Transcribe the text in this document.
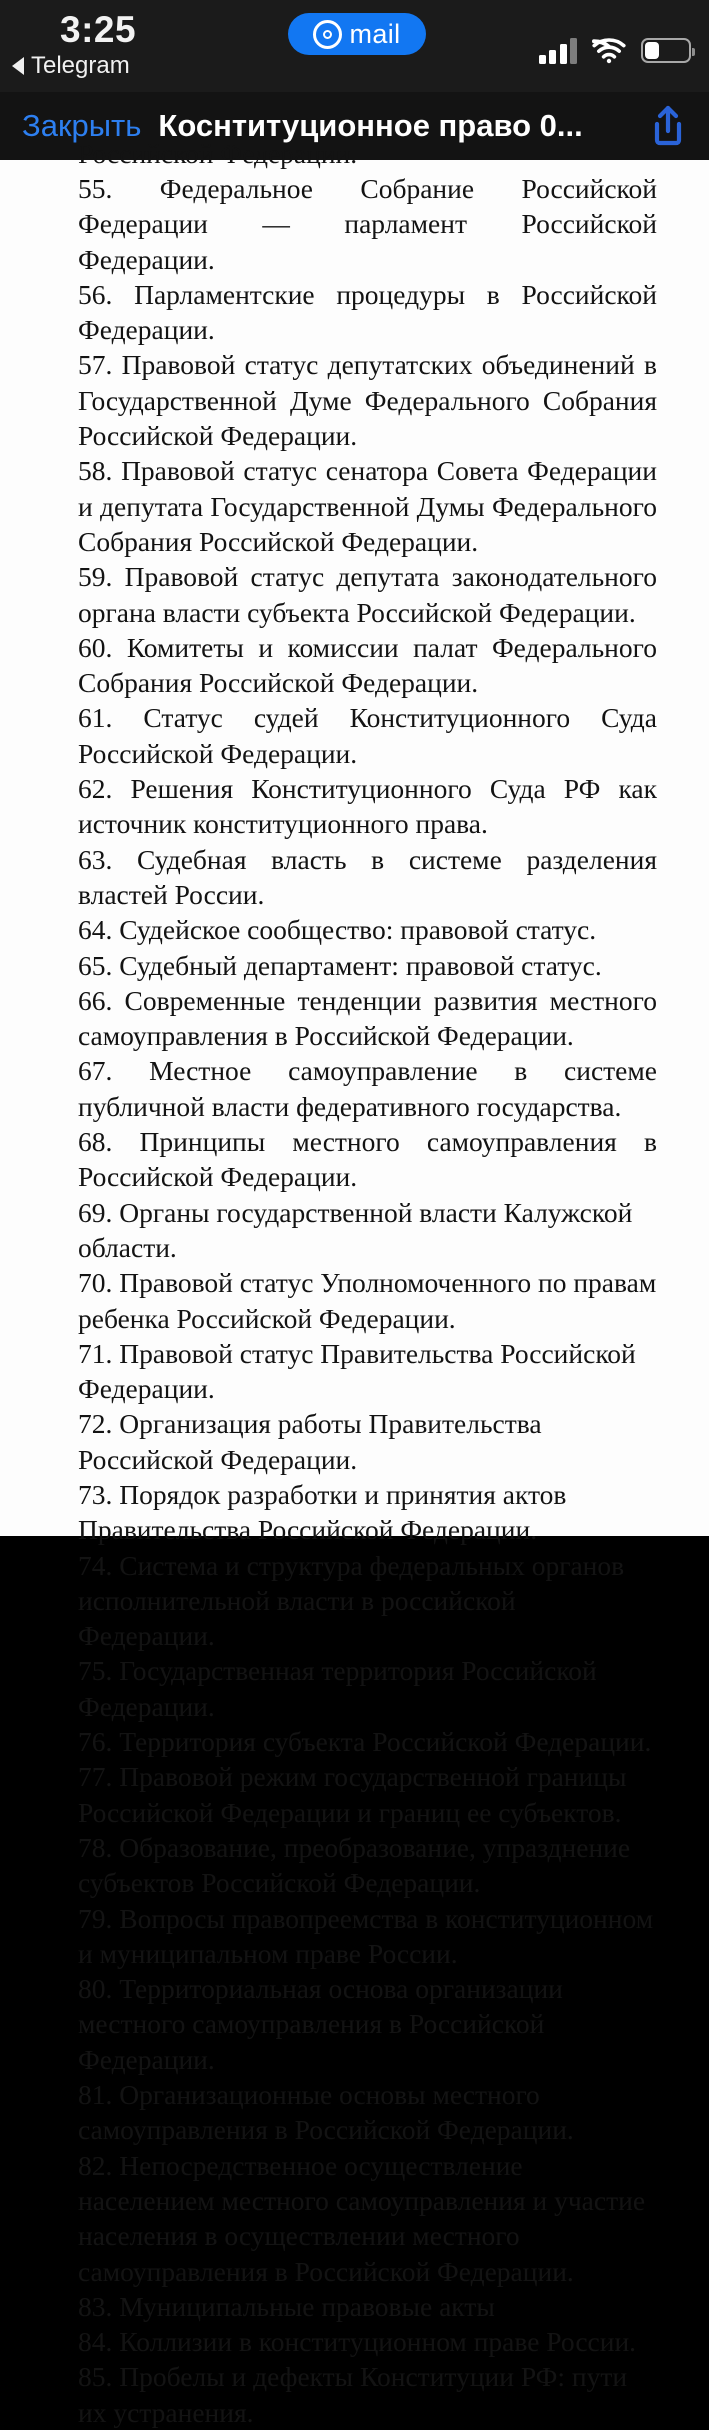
3:25
Telegram
mail
Закрыть Коснтитуционное право 0...
Российской Федерации.

55. Федеральное Собрание Российской Федерации — парламент Российской Федерации.

56. Парламентские процедуры в Российской Федерации.

57. Правовой статус депутатских объединений в Государственной Думе Федерального Собрания Российской Федерации.

58. Правовой статус сенатора Совета Федерации и депутата Государственной Думы Федерального Собрания Российской Федерации.

59. Правовой статус депутата законодательного органа власти субъекта Российской Федерации.

60. Комитеты и комиссии палат Федерального Собрания Российской Федерации.

61. Статус судей Конституционного Суда Российской Федерации.

62. Решения Конституционного Суда РФ как источник конституционного права.

63. Судебная власть в системе разделения властей России.

64. Судейское сообщество: правовой статус.

65. Судебный департамент: правовой статус.

66. Современные тенденции развития местного самоуправления в Российской Федерации.

67. Местное самоуправление в системе публичной власти федеративного государства.

68. Принципы местного самоуправления в Российской Федерации.

69. Органы государственной власти Калужской области.

70. Правовой статус Уполномоченного по правам ребенка Российской Федерации.

71. Правовой статус Правительства Российской Федерации.

72. Организация работы Правительства Российской Федерации.

73. Порядок разработки и принятия актов Правительства Российской Федерации.

74. Система и структура федеральных органов исполнительной власти в российской Федерации.

75. Государственная территория Российской Федерации.

76. Территория субъекта Российской Федерации.

77. Правовой режим государственной границы Российской Федерации и границ ее субъектов.

78. Образование, преобразование, упразднение субъектов Российской Федерации.

79. Вопросы правопреемства в конституционном и муниципальном праве России.

80. Территориальная основа организации местного самоуправления в Российской Федерации.

81. Организационные основы местного самоуправления в Российской Федерации.

82. Непосредственное осуществление населением местного самоуправления и участие населения в осуществлении местного самоуправления в Российской Федерации.

83. Муниципальные правовые акты

84. Коллизии в конституционном праве России.

85. Пробелы и дефекты Конституции РФ: пути их устранения.
